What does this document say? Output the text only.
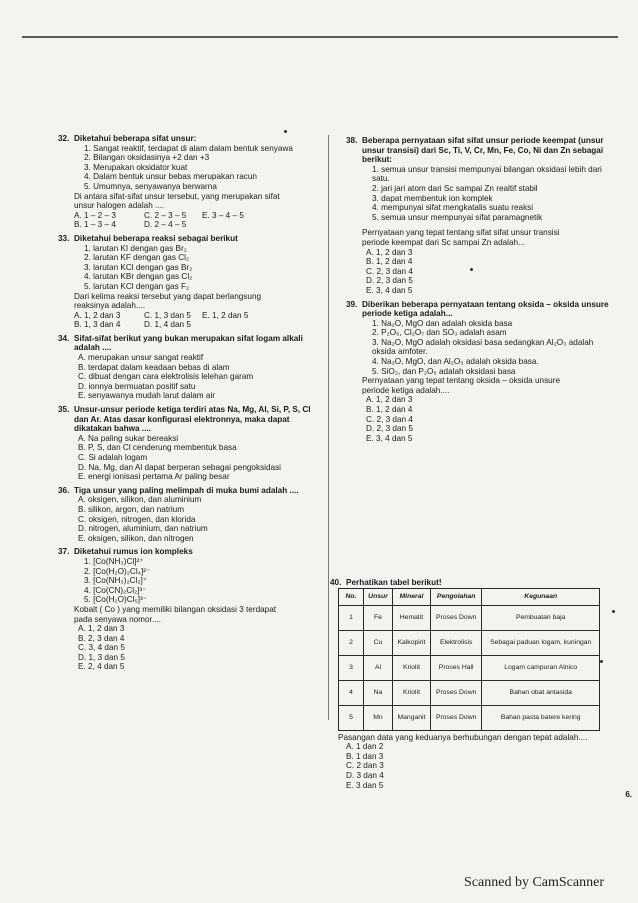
32. Diketahui beberapa sifat unsur:
1. Sangat reaktif, terdapat di alam dalam bentuk senyawa
2. Bilangan oksidasinya +2 dan +3
3. Merupakan oksidator kuat
4. Dalam bentuk unsur bebas merupakan racun
5. Umumnya, senyawanya berwarna
Di antara sifat-sifat unsur tersebut, yang merupakan sifat
unsur halogen adalah ....
A. 1 – 2 – 3	C. 2 – 3 – 5	E. 3 – 4 – 5
B. 1 – 3 – 4	D. 2 – 4 – 5
33. Diketahui beberapa reaksi sebagai berikut
1. larutan KI dengan gas Br₂
2. larutan KF dengan gas Cl₂
3. larutan KCl dengan gas Br₂
4. larutan KBr dengan gas Cl₂
5. larutan KCl dengan gas F₂
Dari kelima reaksi tersebut yang dapat berlangsung
reaksinya adalah....
A. 1, 2 dan 3	C. 1, 3 dan 5	E. 1, 2 dan 5
B. 1, 3 dan 4	D. 1, 4 dan 5
34. Sifat-sifat berikut yang bukan merupakan sifat logam alkali adalah ....
A. merupakan unsur sangat reaktif
B. terdapat dalam keadaan bebas di alam
C. dibuat dengan cara elektrolisis lelehan garam
D. ionnya bermuatan positif satu
E. senyawanya mudah larut dalam air
35. Unsur-unsur periode ketiga terdiri atas Na, Mg, Al, Si, P, S, Cl dan Ar. Atas dasar konfigurasi elektronnya, maka dapat dikatakan bahwa ....
A. Na paling sukar bereaksi
B. P, S, dan Cl cenderung membentuk basa
C. Si adalah logam
D. Na, Mg, dan Al dapat berperan sebagai pengoksidasi
E. energi ionisasi pertama Ar paling besar
36. Tiga unsur yang paling melimpah di muka bumi adalah ....
A. oksigen, silikon, dan aluminium
B. silikon, argon, dan natrium
C. oksigen, nitrogen, dan klorida
D. nitrogen, aluminium, dan natrium
E. oksigen, silikon, dan nitrogen
37. Diketahui rumus ion kompleks
1. [Co(NH₃)Cl]²⁺
2. [Co(H₂O)₂Cl₄]²⁻
3. [Co(NH₃)₂Cl₂]⁺
4. [Co(CN)₂Cl₂]³⁻
5. [Co(H₂O)Cl₅]³⁻
Kobalt ( Co ) yang memiliki bilangan oksidasi 3 terdapat
pada senyawa nomor....
A. 1, 2 dan 3
B. 2, 3 dan 4
C. 3, 4 dan 5
D. 1, 3 dan 5
E. 2, 4 dan 5
38. Beberapa pernyataan sifat sifat unsur periode keempat (unsur unsur transisi) dari Sc, Ti, V, Cr, Mn, Fe, Co, Ni dan Zn sebagai berikut:
1. semua unsur transisi mempunyai bilangan oksidasi lebih dari satu.
2. jari jari atom dari Sc sampai Zn realtif stabil
3. dapat membentuk ion komplek
4. mempunyai sifat mengkatalis suatu reaksi
5. semua unsur mempunyai sifat paramagnetik
Pernyataan yang tepat tentang sifat sifat unsur transisi
periode keempat dari Sc sampai Zn adalah...
A. 1, 2 dan 3
B. 1, 2 dan 4
C. 2, 3 dan 4
D. 2, 3 dan 5
E. 3, 4 dan 5
39. Diberikan beberapa pernyataan tentang oksida – oksida unsure periode ketiga adalah...
1. Na₂O, MgO dan adalah oksida basa
2. P₂O₅, Cl₂O₇ dan SO₃ adalah asam
3. Na₂O, MgO adalah oksidasi basa sedangkan Al₂O₃ adalah oksida amfoter.
4. Na₂O, MgO, dan Al₂O₃ adalah oksida basa.
5. SiO₂, dan P₂O₅ adalah oksidasi basa
Pernyataan yang tepat tentang oksida – oksida unsure
periode ketiga adalah....
A. 1, 2 dan 3
B. 1, 2 dan 4
C. 2, 3 dan 4
D. 2, 3 dan 5
E. 3, 4 dan 5
40. Perhatikan tabel berikut!
No.	Unsur	Mineral	Pengolahan	Kegunaan
1	Fe	Hematit	Proses Down	Pembuatan baja
2	Cu	Kalkopirit	Elektrolisis	Sebagai paduan logam, kuningan
3	Al	Kriolit	Proses Hall	Logam campuran Alnico
4	Na	Kriolit	Proses Down	Bahan obat antasida
5	Mn	Manganit	Proses Down	Bahan pasta batere kering
Pasangan data yang keduanya berhubungan dengan tepat adalah....
A. 1 dan 2
B. 1 dan 3
C. 2 dan 3
D. 3 dan 4
E. 3 dan 5
6.
Scanned by CamScanner
